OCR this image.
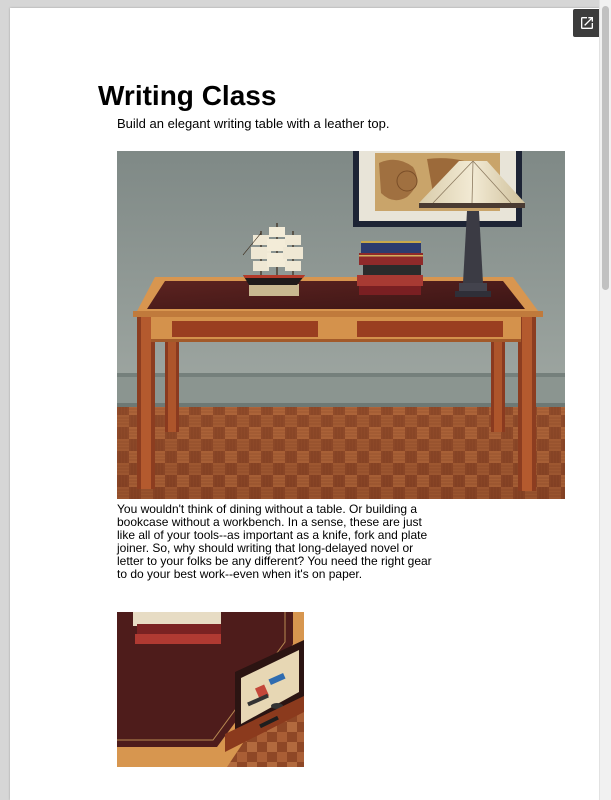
Writing Class

Build an elegant writing table with a leather top.

You wouldn't think of dining without a table. Or building a bookcase without a workbench. In a sense, these are just like all of your tools--as important as a knife, fork and plate joiner. So, why should writing that long-delayed novel or letter to your folks be any different? You need the right gear to do your best work--even when it's on paper.
